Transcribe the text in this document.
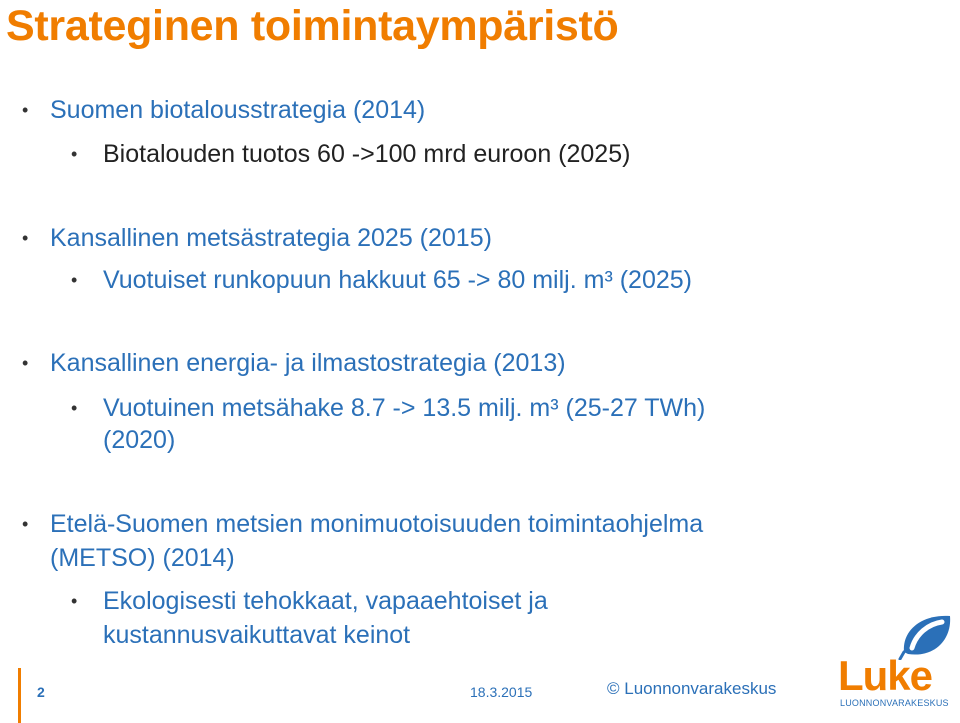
Strateginen toimintaympäristö
• Suomen biotalousstrategia (2014)
• Biotalouden tuotos 60 ->100 mrd euroon (2025)
• Kansallinen metsästrategia 2025 (2015)
• Vuotuiset runkopuun hakkuut 65 -> 80 milj. m³ (2025)
• Kansallinen energia- ja ilmastostrategia (2013)
• Vuotuinen metsähake 8.7 -> 13.5 milj. m³ (25-27 TWh)
(2020)
• Etelä-Suomen metsien monimuotoisuuden toimintaohjelma
(METSO) (2014)
• Ekologisesti tehokkaat, vapaaehtoiset ja
kustannusvaikuttavat keinot
2	18.3.2015	© Luonnonvarakeskus Luke
LUONNONVARAKESKUS
